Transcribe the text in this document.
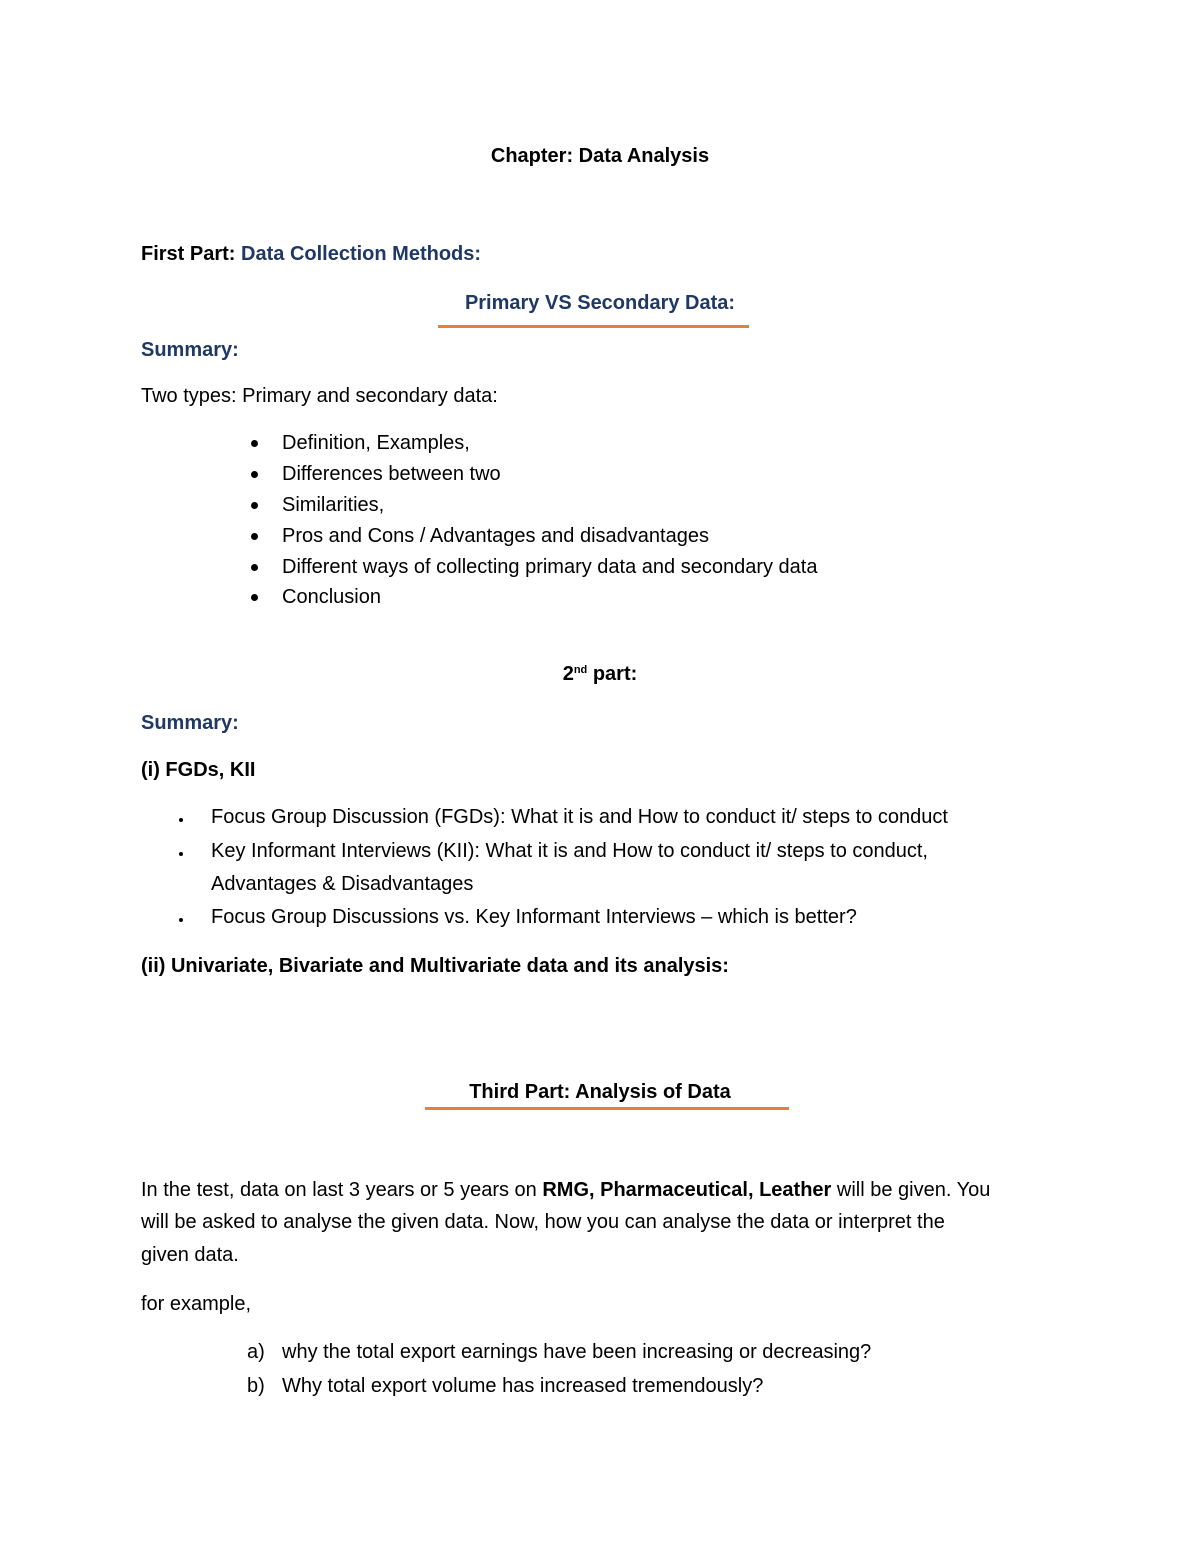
Chapter: Data Analysis
First Part: Data Collection Methods:
Primary VS Secondary Data:
Summary:
Two types: Primary and secondary data:
Definition, Examples,
Differences between two
Similarities,
Pros and Cons / Advantages and disadvantages
Different ways of collecting primary data and secondary data
Conclusion
2nd part:
Summary:
(i) FGDs, KII
Focus Group Discussion (FGDs): What it is and How to conduct it/ steps to conduct
Key Informant Interviews (KII): What it is and How to conduct it/ steps to conduct,
Advantages & Disadvantages
Focus Group Discussions vs. Key Informant Interviews – which is better?
(ii) Univariate, Bivariate and Multivariate data and its analysis:
Third Part: Analysis of Data
In the test, data on last 3 years or 5 years on RMG, Pharmaceutical, Leather will be given. You
will be asked to analyse the given data. Now, how you can analyse the data or interpret the
given data.
for example,
a) why the total export earnings have been increasing or decreasing?
b) Why total export volume has increased tremendously?
